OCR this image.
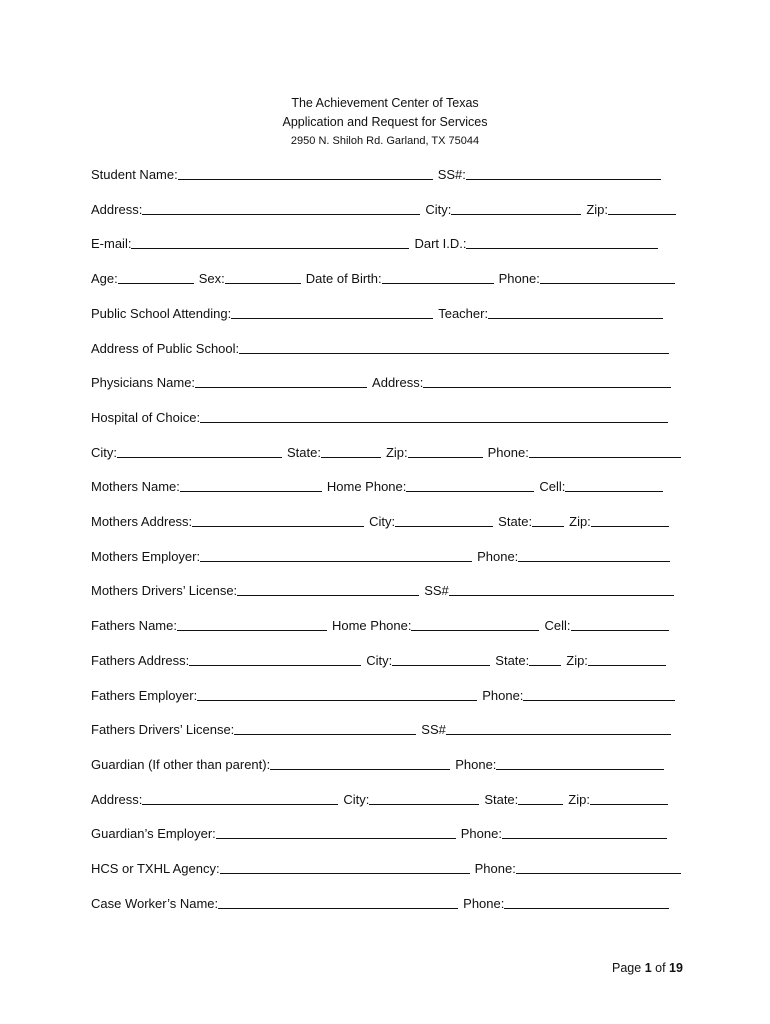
The Achievement Center of Texas
Application and Request for Services
2950 N. Shiloh Rd. Garland, TX 75044
Student Name:	SS#:
Address:	City:	Zip:
E-mail:	Dart I.D.:
Age:	Sex:	Date of Birth:	Phone:
Public School Attending:	Teacher:
Address of Public School:
Physicians Name:	Address:
Hospital of Choice:
City:	State:	Zip:	Phone:
Mothers Name:	Home Phone:	Cell:
Mothers Address:	City:	State:	Zip:
Mothers Employer:	Phone:
Mothers Drivers’ License:	SS#
Fathers Name:	Home Phone:	Cell:
Fathers Address:	City:	State:	Zip:
Fathers Employer:	Phone:
Fathers Drivers’ License:	SS#
Guardian (If other than parent):	Phone:
Address:	City:	State:	Zip:
Guardian’s Employer:	Phone:
HCS or TXHL Agency:	Phone:
Case Worker’s Name:	Phone:
Page 1 of 19
